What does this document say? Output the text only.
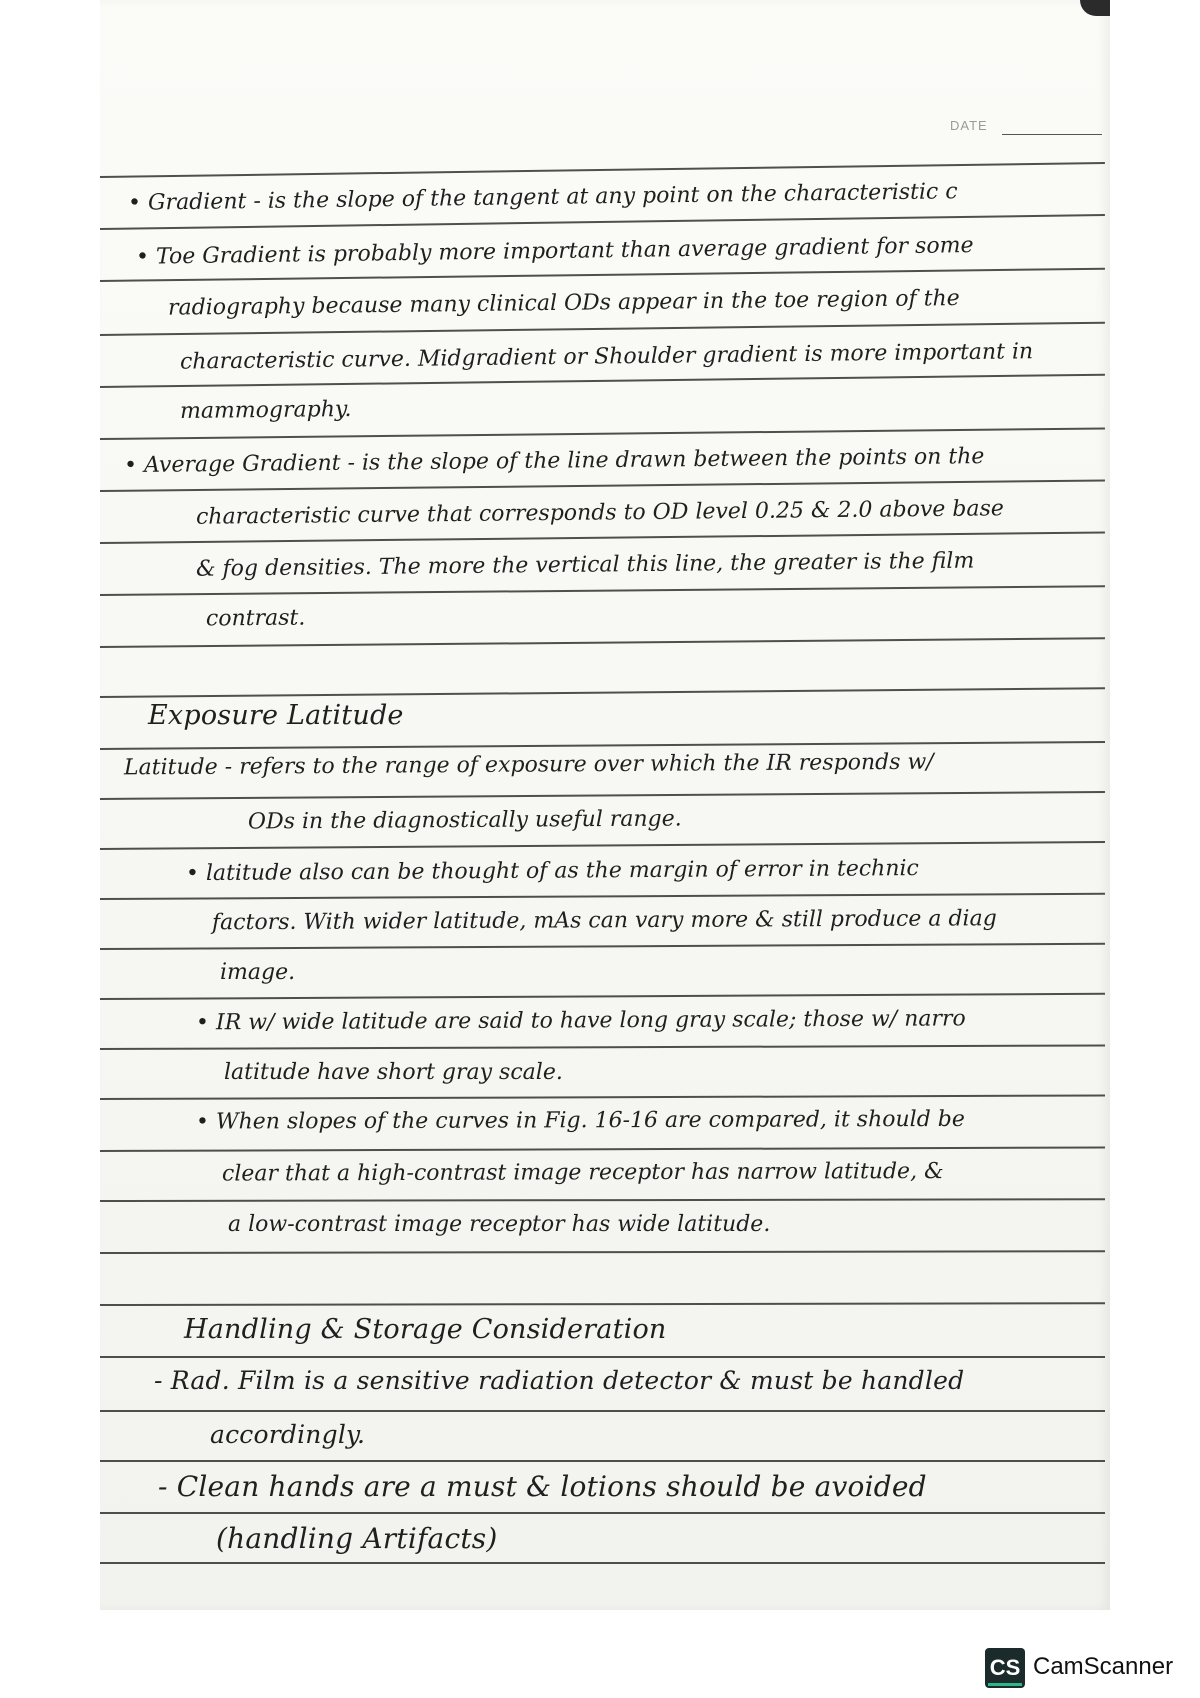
DATE
• Gradient - is the slope of the tangent at any point on the characteristic c
• Toe Gradient is probably more important than average gradient for some
radiography because many clinical ODs appear in the toe region of the
characteristic curve. Midgradient or Shoulder gradient is more important in
mammography.
• Average Gradient - is the slope of the line drawn between the points on the
characteristic curve that corresponds to OD level 0.25 & 2.0 above base
& fog densities. The more the vertical this line, the greater is the film
contrast.
Exposure Latitude
Latitude - refers to the range of exposure over which the IR responds w/
ODs in the diagnostically useful range.
• latitude also can be thought of as the margin of error in technic
factors. With wider latitude, mAs can vary more & still produce a diag
image.
• IR w/ wide latitude are said to have long gray scale; those w/ narro
latitude have short gray scale.
• When slopes of the curves in Fig. 16-16 are compared, it should be
clear that a high-contrast image receptor has narrow latitude, &
a low-contrast image receptor has wide latitude.
Handling & Storage Consideration
- Rad. Film is a sensitive radiation detector & must be handled
accordingly.
- Clean hands are a must & lotions should be avoided
(handling Artifacts)
CS CamScanner
